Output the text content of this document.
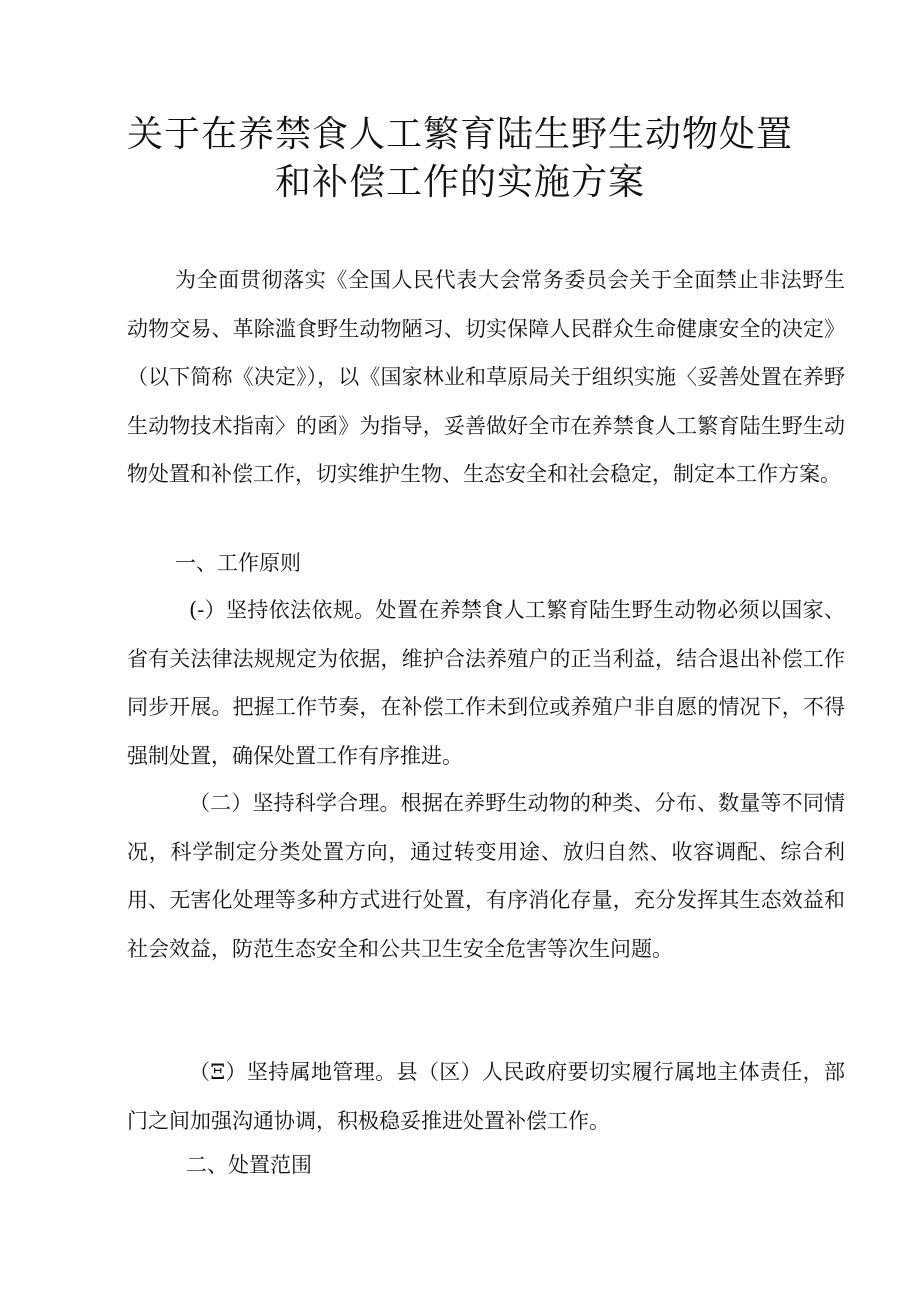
关于在养禁食人工繁育陆生野生动物处置
和补偿工作的实施方案

为全面贯彻落实《全国人民代表大会常务委员会关于全面禁止非法野生动物交易、革除滥食野生动物陋习、切实保障人民群众生命健康安全的决定》（以下简称《决定》），以《国家林业和草原局关于组织实施〈妥善处置在养野生动物技术指南〉的函》为指导，妥善做好全市在养禁食人工繁育陆生野生动物处置和补偿工作，切实维护生物、生态安全和社会稳定，制定本工作方案。

一、工作原则

(-）坚持依法依规。处置在养禁食人工繁育陆生野生动物必须以国家、省有关法律法规规定为依据，维护合法养殖户的正当利益，结合退出补偿工作同步开展。把握工作节奏，在补偿工作未到位或养殖户非自愿的情况下，不得强制处置，确保处置工作有序推进。

（二）坚持科学合理。根据在养野生动物的种类、分布、数量等不同情况，科学制定分类处置方向，通过转变用途、放归自然、收容调配、综合利用、无害化处理等多种方式进行处置，有序消化存量，充分发挥其生态效益和社会效益，防范生态安全和公共卫生安全危害等次生问题。

（Ξ）坚持属地管理。县（区）人民政府要切实履行属地主体责任，部门之间加强沟通协调，积极稳妥推进处置补偿工作。

二、处置范围
